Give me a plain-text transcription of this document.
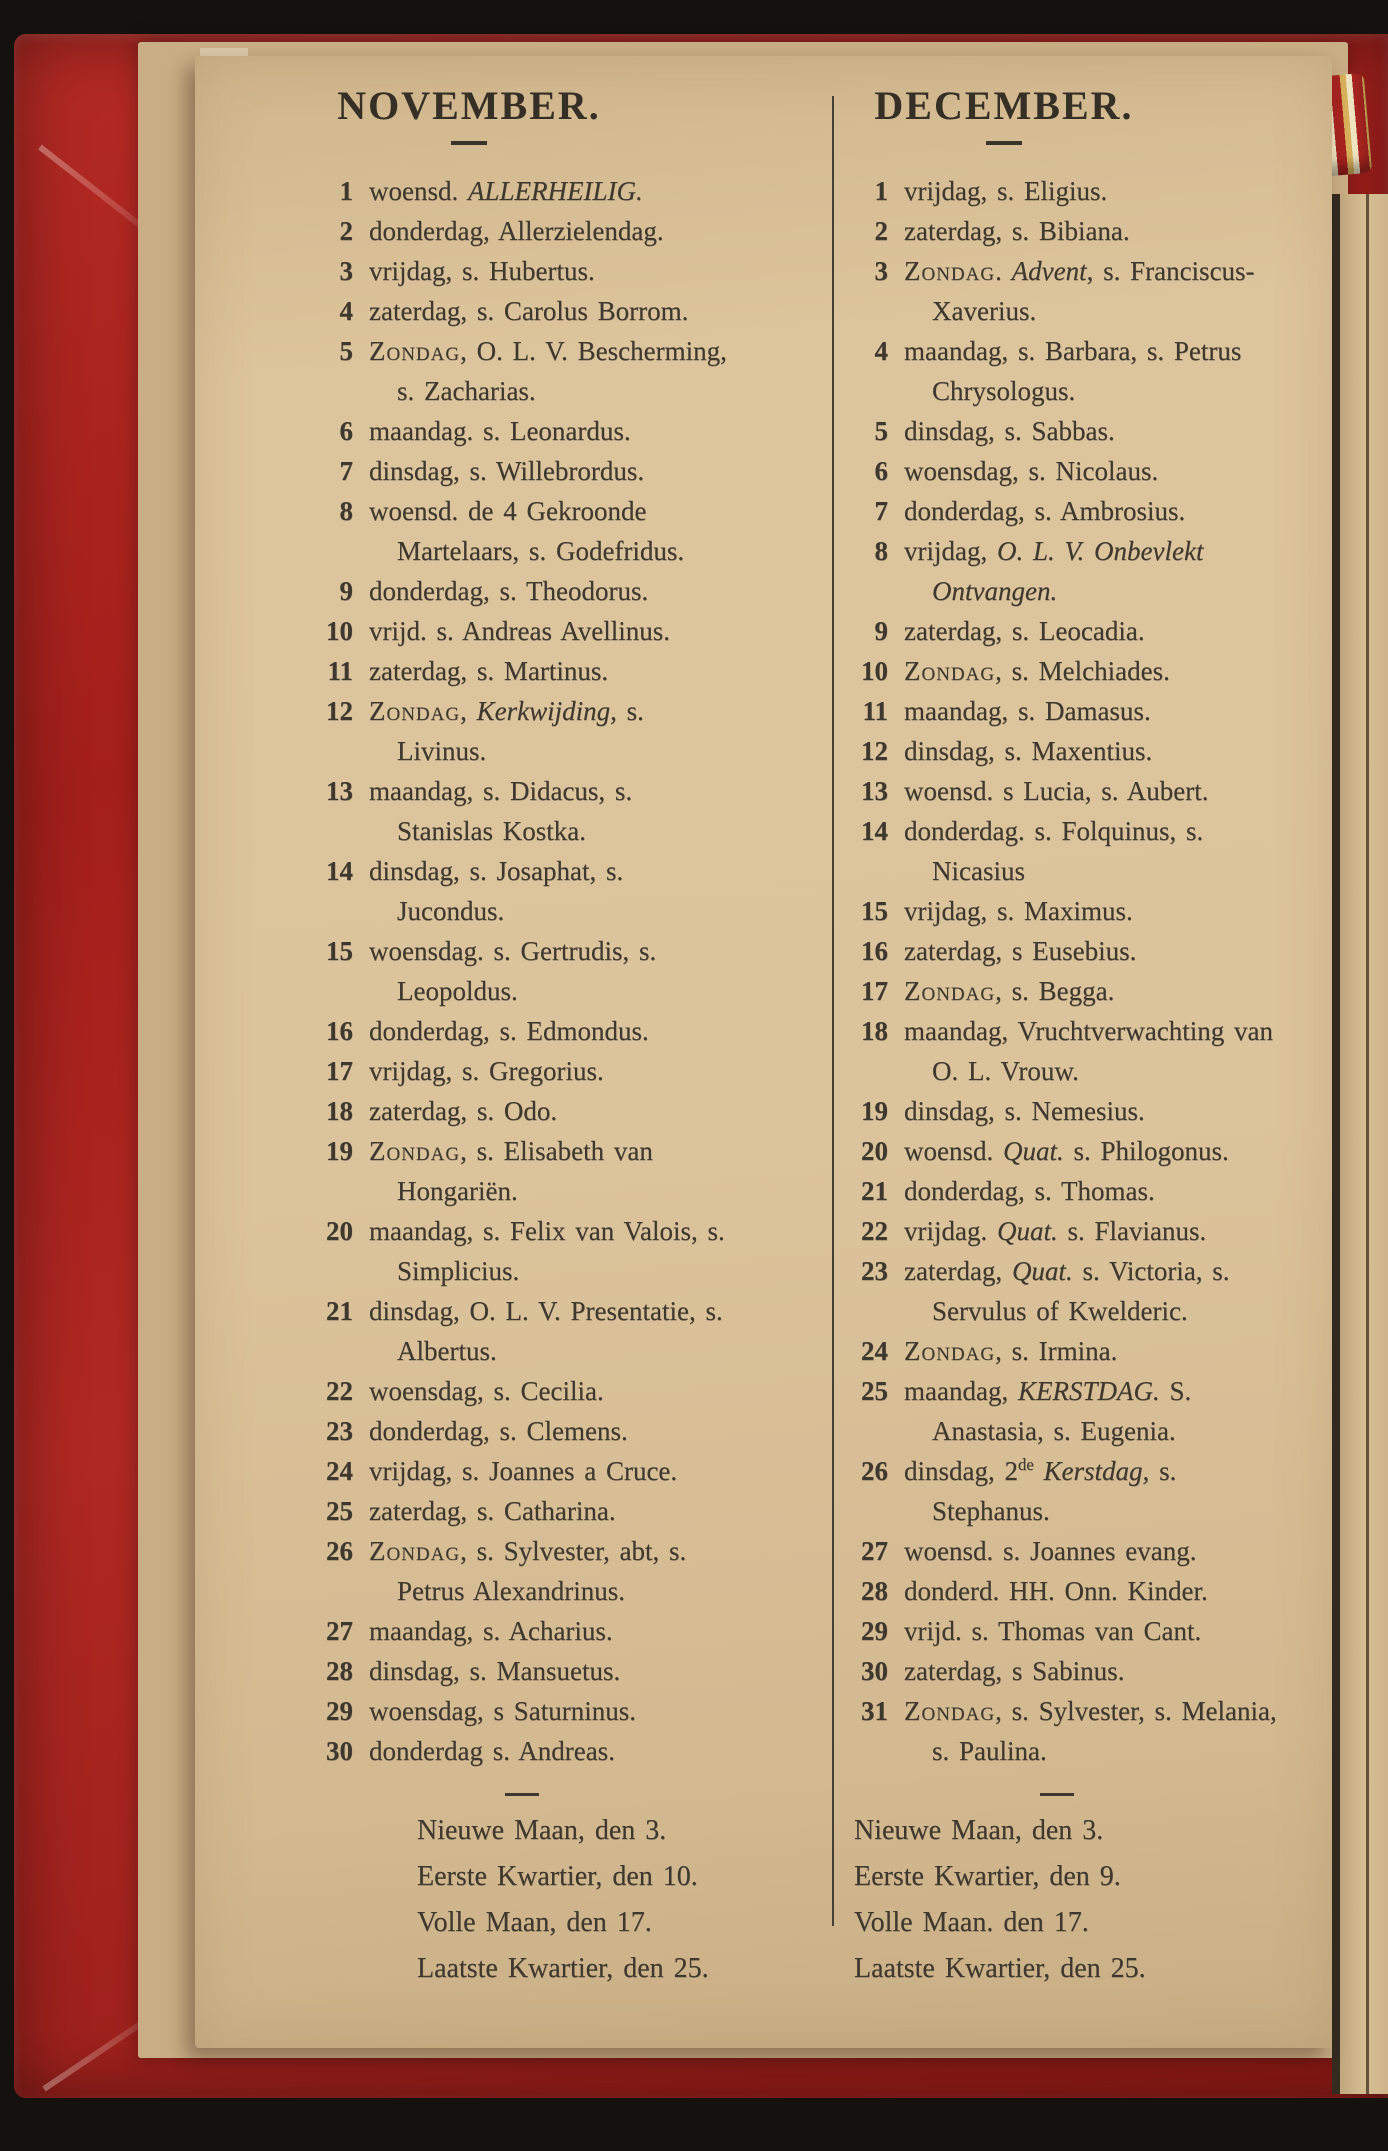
NOVEMBER.
1 woensd. ALLERHEILIG.
2 donderdag, Allerzielendag.
3 vrijdag, s. Hubertus.
4 zaterdag, s. Carolus Borrom.
5 Zondag, O. L. V. Bescherming, s. Zacharias.
6 maandag. s. Leonardus.
7 dinsdag, s. Willebrordus.
8 woensd. de 4 Gekroonde Martelaars, s. Godefridus.
9 donderdag, s. Theodorus.
10 vrijd. s. Andreas Avellinus.
11 zaterdag, s. Martinus.
12 Zondag, Kerkwijding, s. Livinus.
13 maandag, s. Didacus, s. Stanislas Kostka.
14 dinsdag, s. Josaphat, s. Jucondus.
15 woensdag. s. Gertrudis, s. Leopoldus.
16 donderdag, s. Edmondus.
17 vrijdag, s. Gregorius.
18 zaterdag, s. Odo.
19 Zondag, s. Elisabeth van Hongariën.
20 maandag, s. Felix van Valois, s. Simplicius.
21 dinsdag, O. L. V. Presentatie, s. Albertus.
22 woensdag, s. Cecilia.
23 donderdag, s. Clemens.
24 vrijdag, s. Joannes a Cruce.
25 zaterdag, s. Catharina.
26 Zondag, s. Sylvester, abt, s. Petrus Alexandrinus.
27 maandag, s. Acharius.
28 dinsdag, s. Mansuetus.
29 woensdag, s Saturninus.
30 donderdag s. Andreas.
Nieuwe Maan, den 3.
Eerste Kwartier, den 10.
Volle Maan, den 17.
Laatste Kwartier, den 25.
DECEMBER.
1 vrijdag, s. Eligius.
2 zaterdag, s. Bibiana.
3 Zondag. Advent, s. Franciscus-Xaverius.
4 maandag, s. Barbara, s. Petrus Chrysologus.
5 dinsdag, s. Sabbas.
6 woensdag, s. Nicolaus.
7 donderdag, s. Ambrosius.
8 vrijdag, O. L. V. Onbevlekt Ontvangen.
9 zaterdag, s. Leocadia.
10 Zondag, s. Melchiades.
11 maandag, s. Damasus.
12 dinsdag, s. Maxentius.
13 woensd. s Lucia, s. Aubert.
14 donderdag. s. Folquinus, s. Nicasius
15 vrijdag, s. Maximus.
16 zaterdag, s Eusebius.
17 Zondag, s. Begga.
18 maandag, Vruchtverwachting van O. L. Vrouw.
19 dinsdag, s. Nemesius.
20 woensd. Quat. s. Philogonus.
21 donderdag, s. Thomas.
22 vrijdag. Quat. s. Flavianus.
23 zaterdag, Quat. s. Victoria, s. Servulus of Kwelderic.
24 Zondag, s. Irmina.
25 maandag, KERSTDAG. S. Anastasia, s. Eugenia.
26 dinsdag, 2de Kerstdag, s. Stephanus.
27 woensd. s. Joannes evang.
28 donderd. HH. Onn. Kinder.
29 vrijd. s. Thomas van Cant.
30 zaterdag, s Sabinus.
31 Zondag, s. Sylvester, s. Melania, s. Paulina.
Nieuwe Maan, den 3.
Eerste Kwartier, den 9.
Volle Maan. den 17.
Laatste Kwartier, den 25.
